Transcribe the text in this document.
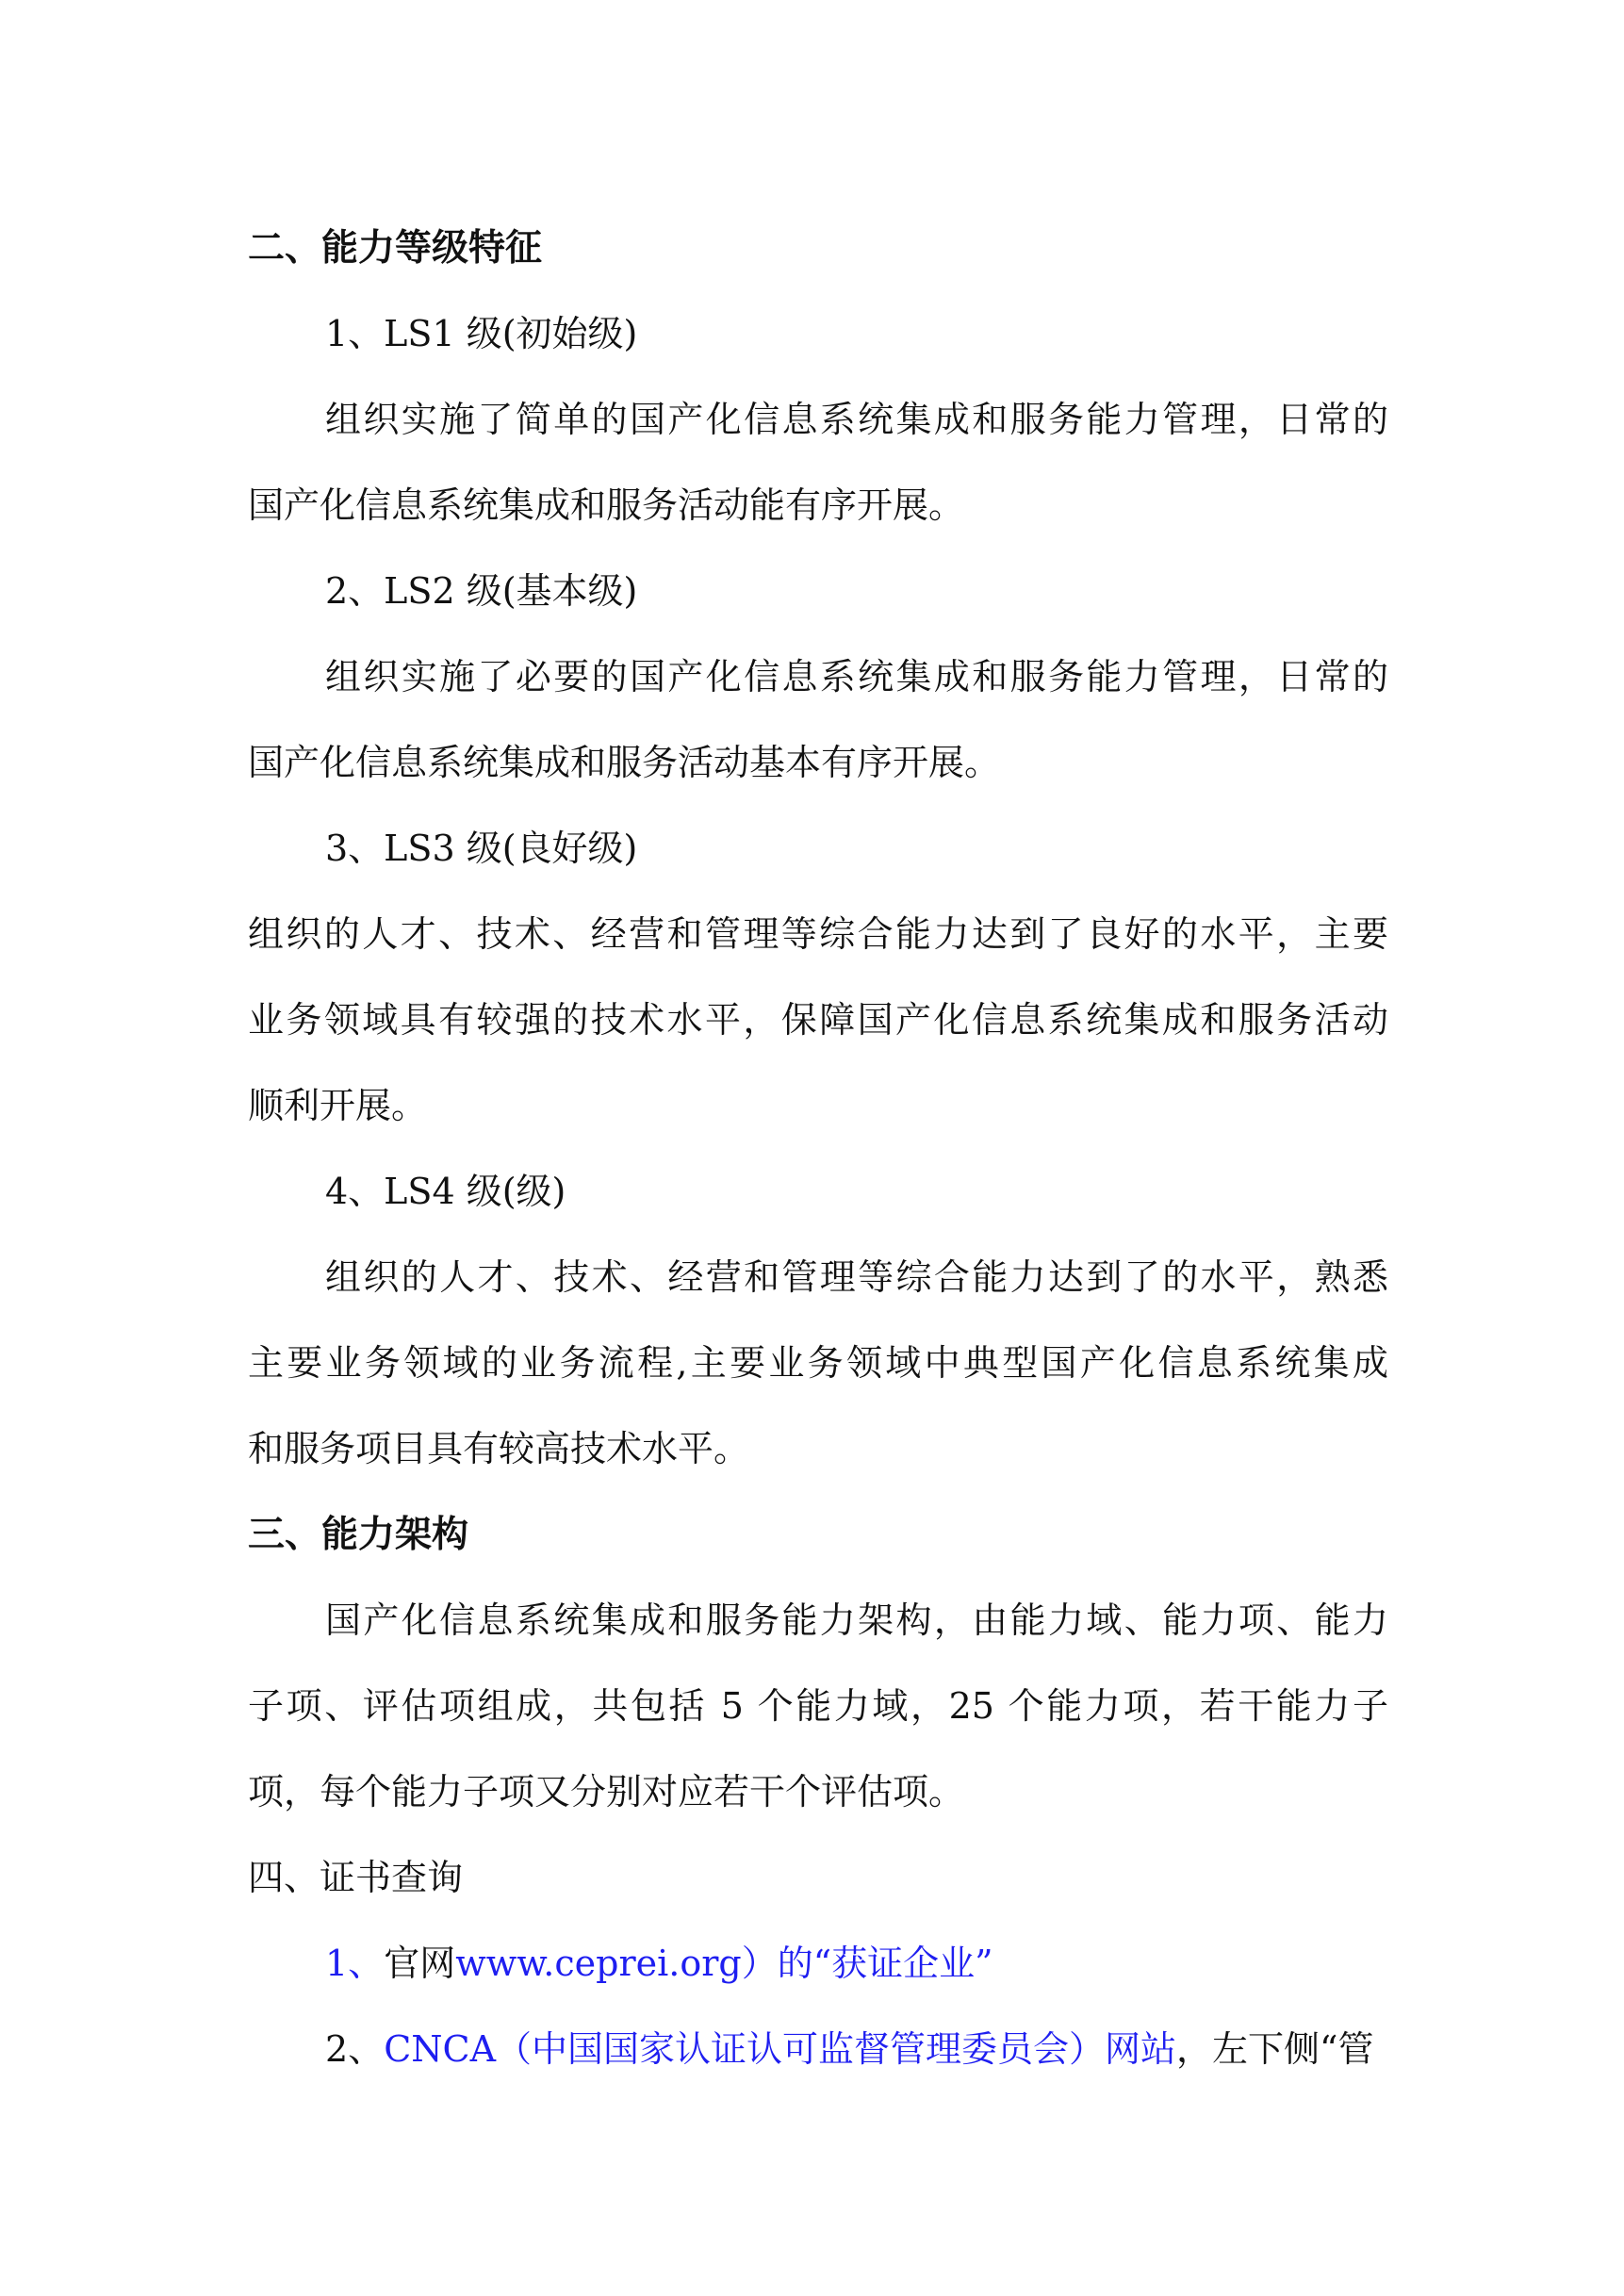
二、能力等级特征
1、LS1 级(初始级)
组织实施了简单的国产化信息系统集成和服务能力管理，日常的
国产化信息系统集成和服务活动能有序开展。
2、LS2 级(基本级)
组织实施了必要的国产化信息系统集成和服务能力管理，日常的
国产化信息系统集成和服务活动基本有序开展。
3、LS3 级(良好级)
组织的人才、技术、经营和管理等综合能力达到了良好的水平，主要
业务领域具有较强的技术水平，保障国产化信息系统集成和服务活动
顺利开展。
4、LS4 级(级)
组织的人才、技术、经营和管理等综合能力达到了的水平，熟悉
主要业务领域的业务流程,主要业务领域中典型国产化信息系统集成
和服务项目具有较高技术水平。
三、能力架构
国产化信息系统集成和服务能力架构，由能力域、能力项、能力
子项、评估项组成，共包括 5 个能力域，25 个能力项，若干能力子
项，每个能力子项又分别对应若干个评估项。
四、证书查询
1、官网www.ceprei.org）的“获证企业”
2、CNCA（中国国家认证认可监督管理委员会）网站，左下侧“管
